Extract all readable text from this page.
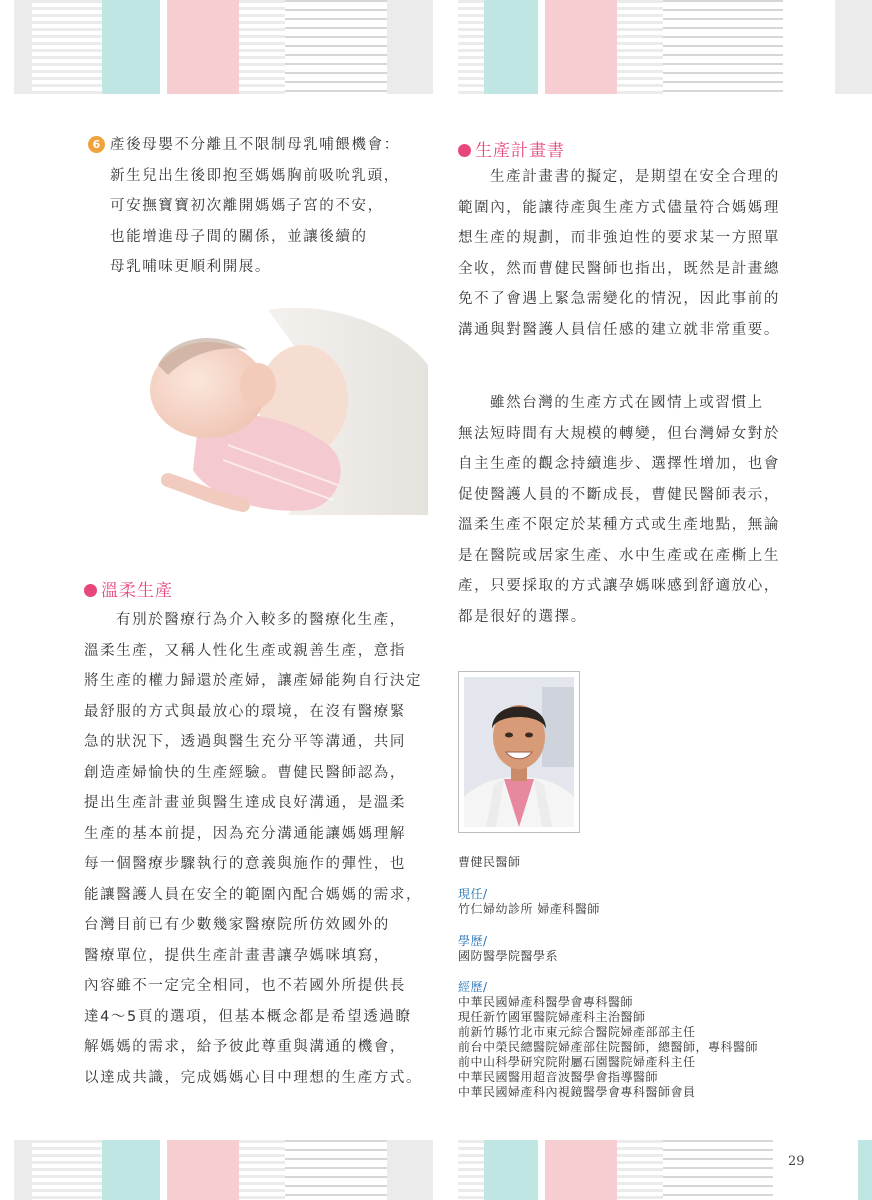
6 產後母嬰不分離且不限制母乳哺餵機會：
新生兒出生後即抱至媽媽胸前吸吮乳頭，
可安撫寶寶初次離開媽媽子宮的不安，
也能增進母子間的關係，並讓後續的
母乳哺味更順利開展。

溫柔生產

有別於醫療行為介入較多的醫療化生產，
溫柔生產，又稱人性化生產或親善生產，意指
將生產的權力歸還於產婦，讓產婦能夠自行決定
最舒服的方式與最放心的環境，在沒有醫療緊
急的狀況下，透過與醫生充分平等溝通，共同
創造產婦愉快的生產經驗。曹健民醫師認為，
提出生產計畫並與醫生達成良好溝通，是溫柔
生產的基本前提，因為充分溝通能讓媽媽理解
每一個醫療步驟執行的意義與施作的彈性，也
能讓醫護人員在安全的範圍內配合媽媽的需求，
台灣目前已有少數幾家醫療院所仿效國外的
醫療單位，提供生產計畫書讓孕媽咪填寫，
內容雖不一定完全相同，也不若國外所提供長
達4～5頁的選項，但基本概念都是希望透過瞭
解媽媽的需求，給予彼此尊重與溝通的機會，
以達成共識，完成媽媽心目中理想的生產方式。

生產計畫書

生產計畫書的擬定，是期望在安全合理的
範圍內，能讓待產與生產方式儘量符合媽媽理
想生產的規劃，而非強迫性的要求某一方照單
全收，然而曹健民醫師也指出，既然是計畫總
免不了會遇上緊急需變化的情況，因此事前的
溝通與對醫護人員信任感的建立就非常重要。

雖然台灣的生產方式在國情上或習慣上
無法短時間有大規模的轉變，但台灣婦女對於
自主生產的觀念持續進步、選擇性增加，也會
促使醫護人員的不斷成長，曹健民醫師表示，
溫柔生產不限定於某種方式或生產地點，無論
是在醫院或居家生產、水中生產或在產㯕上生
產，只要採取的方式讓孕媽咪感到舒適放心，
都是很好的選擇。

曹健民醫師
現任/
竹仁婦幼診所 婦產科醫師
學歷/
國防醫學院醫學系
經歷/
中華民國婦產科醫學會專科醫師
現任新竹國軍醫院婦產科主治醫師
前新竹縣竹北市東元綜合醫院婦產部部主任
前台中榮民總醫院婦產部住院醫師，總醫師，專科醫師
前中山科學研究院附屬石園醫院婦產科主任
中華民國醫用超音波醫學會指導醫師
中華民國婦產科內視鏡醫學會專科醫師會員
29
